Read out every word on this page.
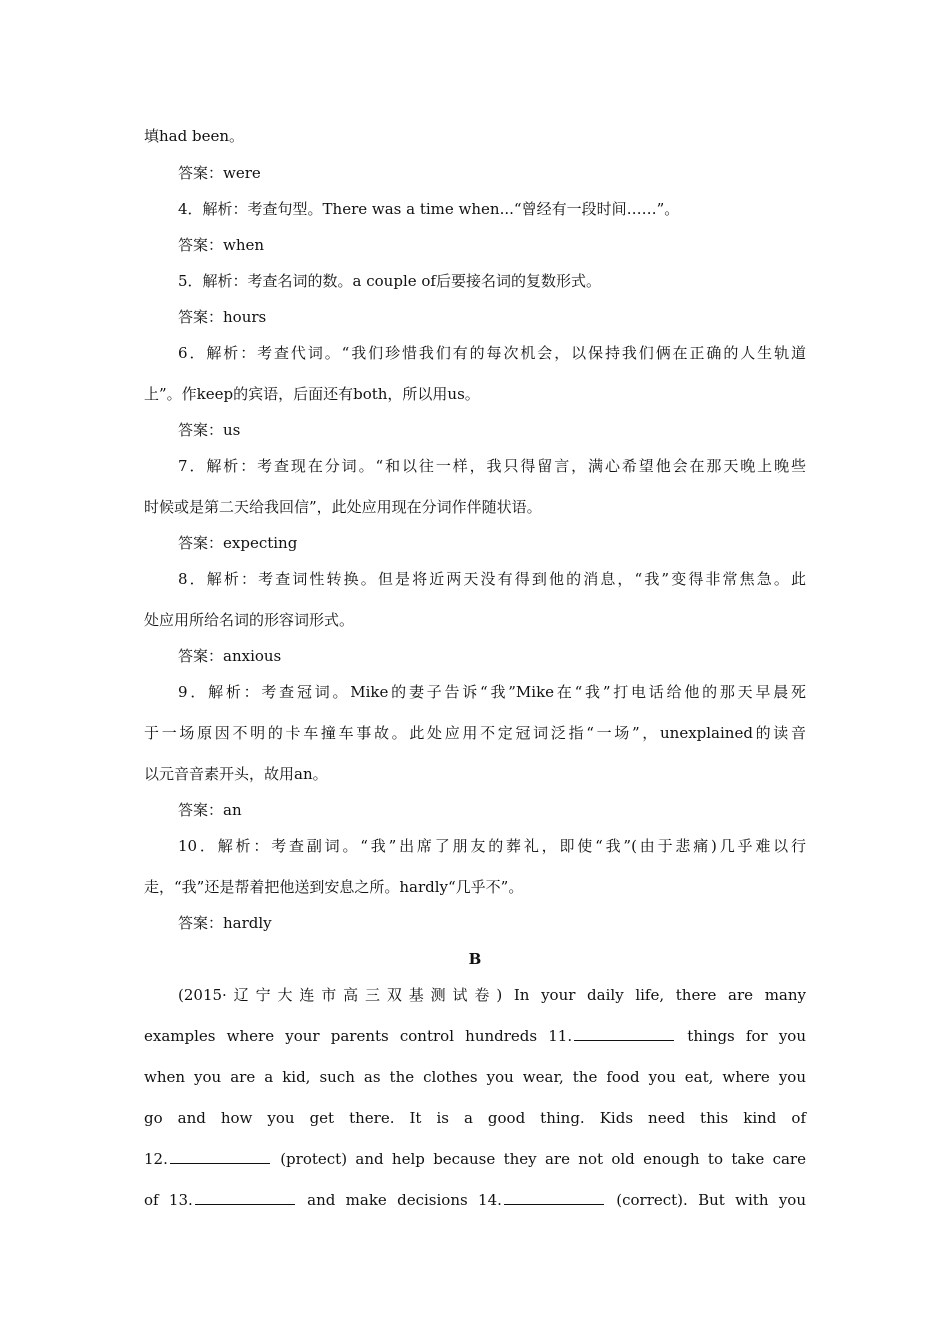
填had been。
答案：were
4．解析：考查句型。There was a time when...“曾经有一段时间……”。
答案：when
5．解析：考查名词的数。a couple of后要接名词的复数形式。
答案：hours
6．解析：考查代词。“我们珍惜我们有的每次机会，以保持我们俩在正确的人生轨道
上”。作keep的宾语，后面还有both，所以用us。
答案：us
7．解析：考查现在分词。“和以往一样，我只得留言，满心希望他会在那天晚上晚些
时候或是第二天给我回信”，此处应用现在分词作伴随状语。
答案：expecting
8．解析：考查词性转换。但是将近两天没有得到他的消息，“我”变得非常焦急。此
处应用所给名词的形容词形式。
答案：anxious
9．解析：考查冠词。Mike的妻子告诉“我”Mike在“我”打电话给他的那天早晨死
于一场原因不明的卡车撞车事故。此处应用不定冠词泛指“一场”，unexplained的读音
以元音音素开头，故用an。
答案：an
10．解析：考查副词。“我”出席了朋友的葬礼，即使“我”(由于悲痛)几乎难以行
走，“我”还是帮着把他送到安息之所。hardly“几乎不”。
答案：hardly
B
(2015·辽宁大连市高三双基测试卷) In your daily life, there are many
examples where your parents control hundreds 11.	things for you
when you are a kid, such as the clothes you wear, the food you eat, where you
go and how you get there. It is a good thing. Kids need this kind of
12.	(protect) and help because they are not old enough to take care
of 13.	and make decisions 14.	(correct). But with you
